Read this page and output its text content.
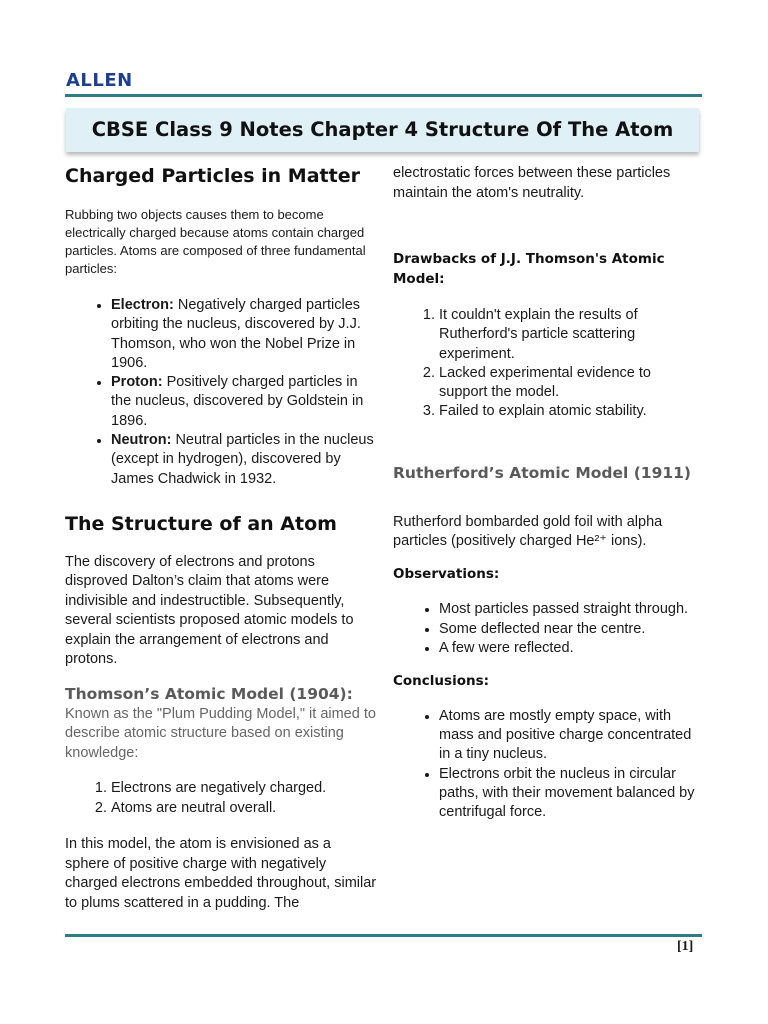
ALLEN
CBSE Class 9 Notes Chapter 4 Structure Of The Atom
Charged Particles in Matter

Rubbing two objects causes them to become electrically charged because atoms contain charged particles. Atoms are composed of three fundamental particles:

• Electron: Negatively charged particles orbiting the nucleus, discovered by J.J. Thomson, who won the Nobel Prize in 1906.
• Proton: Positively charged particles in the nucleus, discovered by Goldstein in 1896.
• Neutron: Neutral particles in the nucleus (except in hydrogen), discovered by James Chadwick in 1932.
The Structure of an Atom

The discovery of electrons and protons disproved Dalton’s claim that atoms were indivisible and indestructible. Subsequently, several scientists proposed atomic models to explain the arrangement of electrons and protons.

Thomson’s Atomic Model (1904):

Known as the "Plum Pudding Model," it aimed to describe atomic structure based on existing knowledge:

1. Electrons are negatively charged.
2. Atoms are neutral overall.

In this model, the atom is envisioned as a sphere of positive charge with negatively charged electrons embedded throughout, similar to plums scattered in a pudding. The

electrostatic forces between these particles maintain the atom's neutrality.

Drawbacks of J.J. Thomson's Atomic Model:
1. It couldn't explain the results of Rutherford's particle scattering experiment.
2. Lacked experimental evidence to support the model.
3. Failed to explain atomic stability.
Rutherford’s Atomic Model (1911)

Rutherford bombarded gold foil with alpha particles (positively charged He²⁺ ions).

Observations:
• Most particles passed straight through.
• Some deflected near the centre.
• A few were reflected.
Conclusions:
• Atoms are mostly empty space, with mass and positive charge concentrated in a tiny nucleus.
• Electrons orbit the nucleus in circular paths, with their movement balanced by centrifugal force.
[1]
